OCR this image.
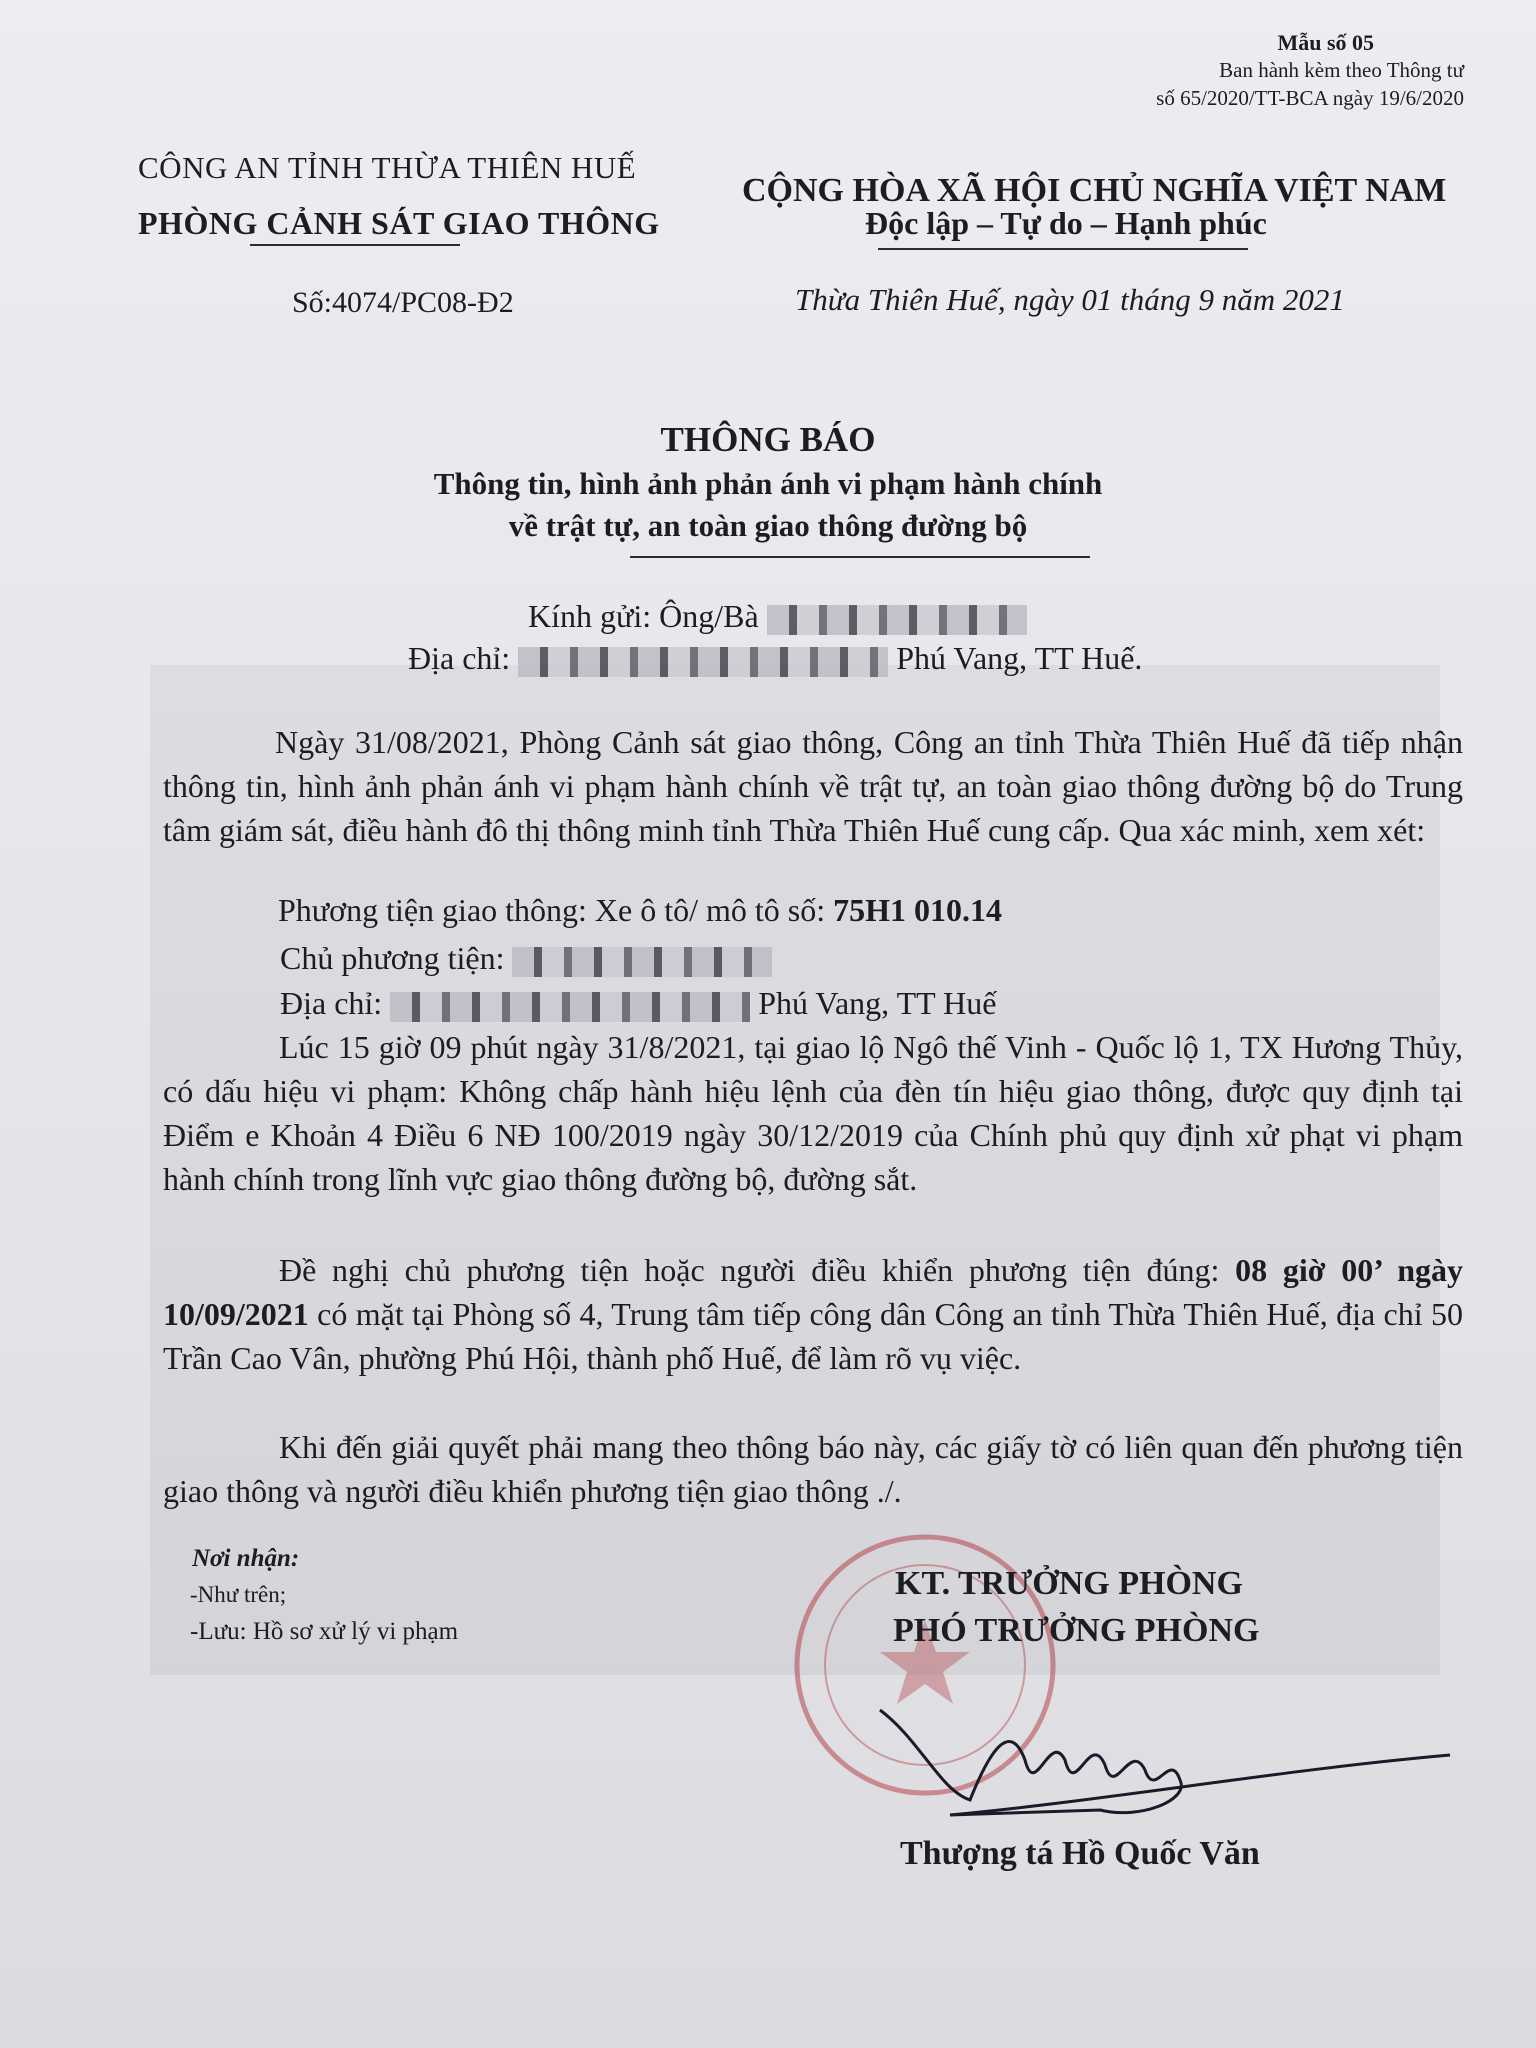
Mẫu số 05
Ban hành kèm theo Thông tư
số 65/2020/TT-BCA ngày 19/6/2020
CÔNG AN TỈNH THỪA THIÊN HUẾ
PHÒNG CẢNH SÁT GIAO THÔNG
CỘNG HÒA XÃ HỘI CHỦ NGHĨA VIỆT NAM
Độc lập – Tự do – Hạnh phúc
Số:4074/PC08-Đ2	Thừa Thiên Huế, ngày 01 tháng 9 năm 2021
THÔNG BÁO
Thông tin, hình ảnh phản ánh vi phạm hành chính
về trật tự, an toàn giao thông đường bộ
Kính gửi: Ông/Bà
Địa chỉ:	Phú Vang, TT Huế.
Ngày 31/08/2021, Phòng Cảnh sát giao thông, Công an tỉnh Thừa Thiên Huế đã tiếp nhận thông tin, hình ảnh phản ánh vi phạm hành chính về trật tự, an toàn giao thông đường bộ do Trung tâm giám sát, điều hành đô thị thông minh tỉnh Thừa Thiên Huế cung cấp. Qua xác minh, xem xét:
Phương tiện giao thông: Xe ô tô/ mô tô số: 75H1 010.14
Chủ phương tiện:
Địa chỉ:	Phú Vang, TT Huế
Lúc 15 giờ 09 phút ngày 31/8/2021, tại giao lộ Ngô thế Vinh - Quốc lộ 1, TX Hương Thủy, có dấu hiệu vi phạm: Không chấp hành hiệu lệnh của đèn tín hiệu giao thông, được quy định tại Điểm e Khoản 4 Điều 6 NĐ 100/2019 ngày 30/12/2019 của Chính phủ quy định xử phạt vi phạm hành chính trong lĩnh vực giao thông đường bộ, đường sắt.
Đề nghị chủ phương tiện hoặc người điều khiển phương tiện đúng: 08 giờ 00’ ngày 10/09/2021 có mặt tại Phòng số 4, Trung tâm tiếp công dân Công an tỉnh Thừa Thiên Huế, địa chỉ 50 Trần Cao Vân, phường Phú Hội, thành phố Huế, để làm rõ vụ việc.
Khi đến giải quyết phải mang theo thông báo này, các giấy tờ có liên quan đến phương tiện giao thông và người điều khiển phương tiện giao thông ./.
Nơi nhận:
-Như trên;
-Lưu: Hồ sơ xử lý vi phạm
KT. TRƯỞNG PHÒNG
PHÓ TRƯỞNG PHÒNG
Thượng tá Hồ Quốc Văn
